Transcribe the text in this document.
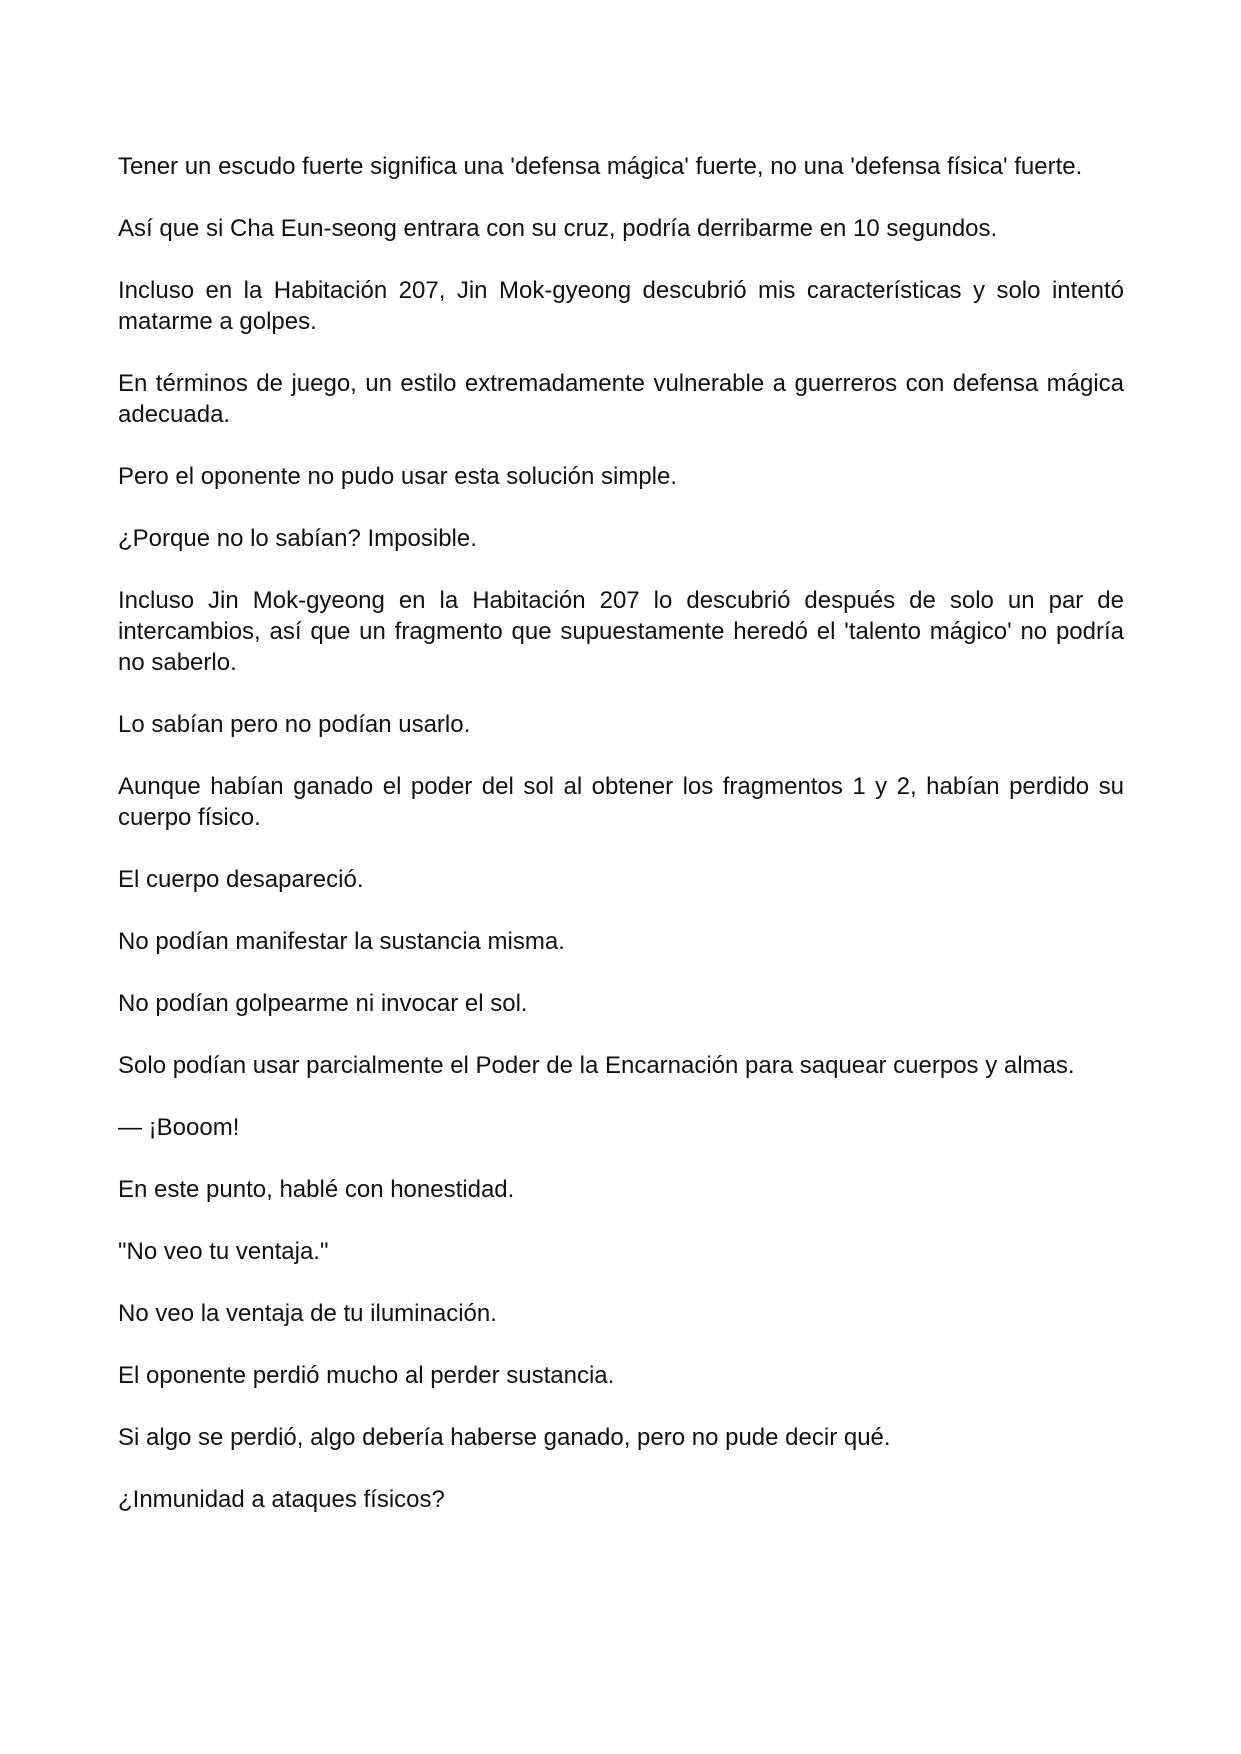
Tener un escudo fuerte significa una 'defensa mágica' fuerte, no una 'defensa física' fuerte.

Así que si Cha Eun-seong entrara con su cruz, podría derribarme en 10 segundos.

Incluso en la Habitación 207, Jin Mok-gyeong descubrió mis características y solo intentó matarme a golpes.

En términos de juego, un estilo extremadamente vulnerable a guerreros con defensa mágica adecuada.

Pero el oponente no pudo usar esta solución simple.

¿Porque no lo sabían? Imposible.

Incluso Jin Mok-gyeong en la Habitación 207 lo descubrió después de solo un par de intercambios, así que un fragmento que supuestamente heredó el 'talento mágico' no podría no saberlo.

Lo sabían pero no podían usarlo.

Aunque habían ganado el poder del sol al obtener los fragmentos 1 y 2, habían perdido su cuerpo físico.

El cuerpo desapareció.

No podían manifestar la sustancia misma.

No podían golpearme ni invocar el sol.

Solo podían usar parcialmente el Poder de la Encarnación para saquear cuerpos y almas.

— ¡Booom!

En este punto, hablé con honestidad.

"No veo tu ventaja."

No veo la ventaja de tu iluminación.

El oponente perdió mucho al perder sustancia.

Si algo se perdió, algo debería haberse ganado, pero no pude decir qué.

¿Inmunidad a ataques físicos?
